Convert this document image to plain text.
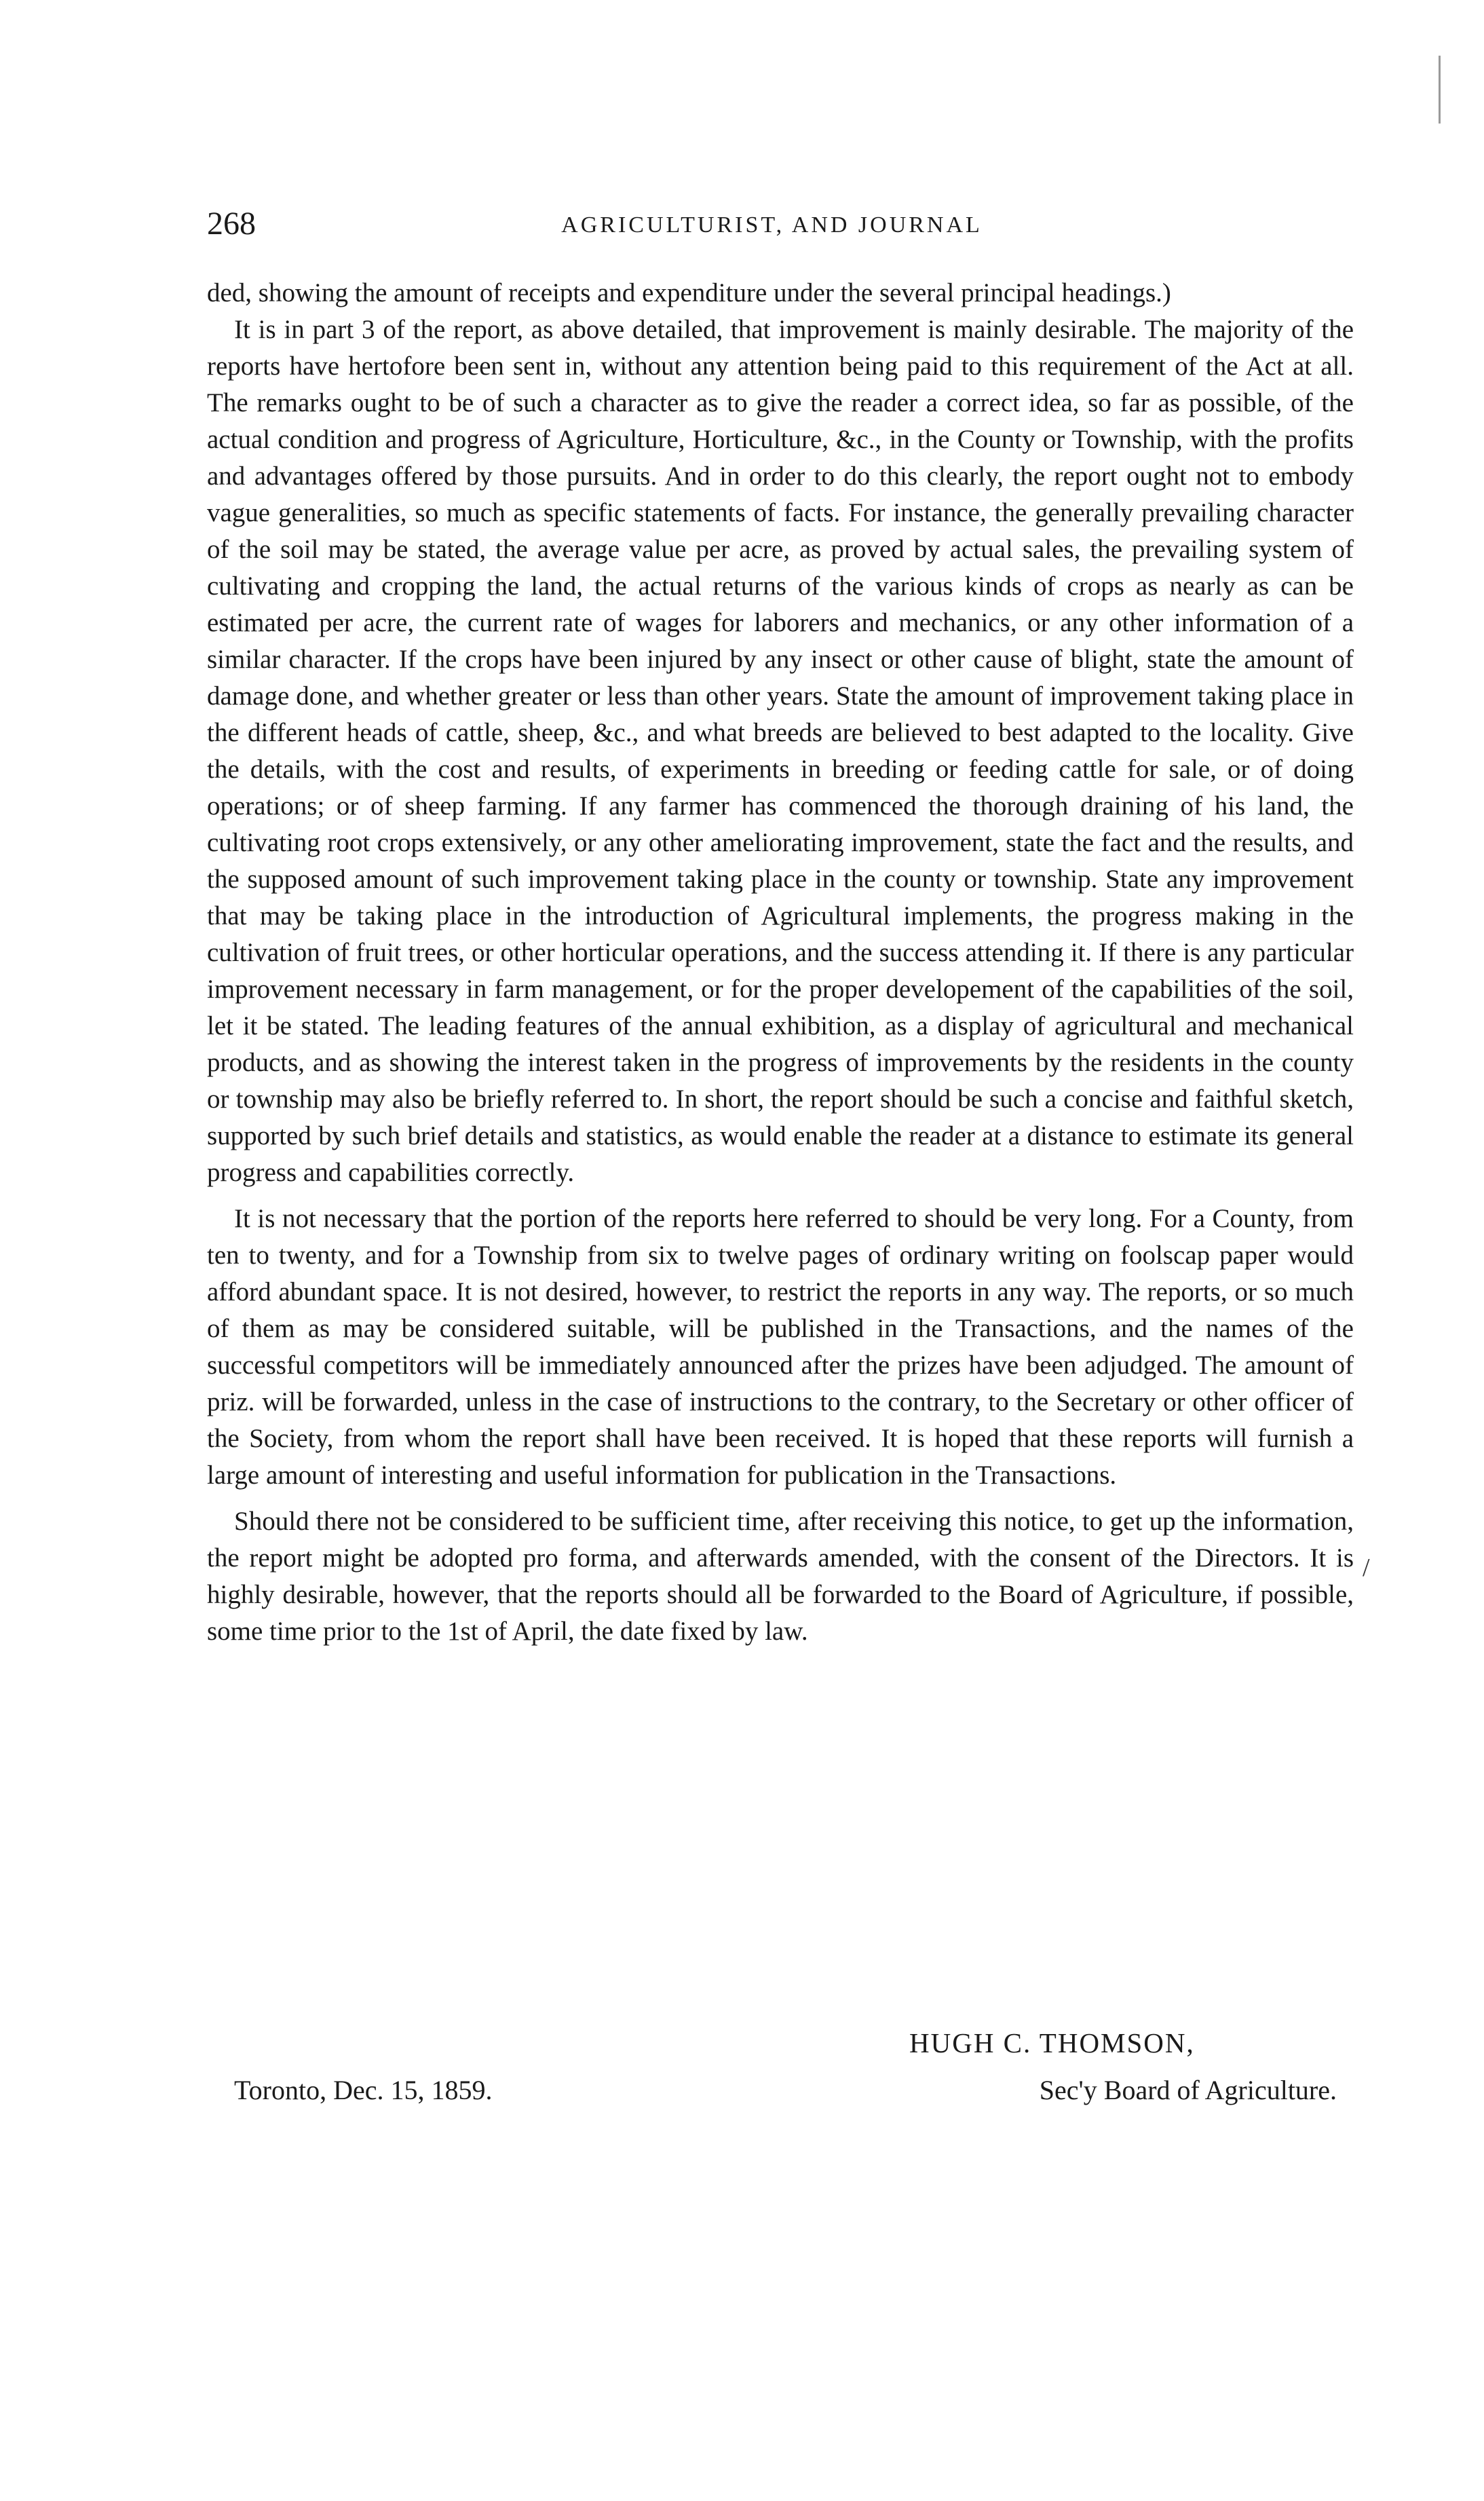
268	AGRICULTURIST, AND JOURNAL

ded, showing the amount of receipts and expenditure under the several principal headings.)

It is in part 3 of the report, as above detailed, that improvement is mainly desirable. The majority of the reports have hertofore been sent in, without any attention being paid to this requirement of the Act at all. The remarks ought to be of such a character as to give the reader a correct idea, so far as possible, of the actual condition and progress of Agriculture, Horticulture, &c., in the County or Township, with the profits and advantages offered by those pursuits. And in order to do this clearly, the report ought not to embody vague generalities, so much as specific statements of facts. For instance, the generally prevailing character of the soil may be stated, the average value per acre, as proved by actual sales, the prevailing system of cultivating and cropping the land, the actual returns of the various kinds of crops as nearly as can be estimated per acre, the current rate of wages for laborers and mechanics, or any other information of a similar character. If the crops have been injured by any insect or other cause of blight, state the amount of damage done, and whether greater or less than other years. State the amount of improvement taking place in the different heads of cattle, sheep, &c., and what breeds are believed to best adapted to the locality. Give the details, with the cost and results, of experiments in breeding or feeding cattle for sale, or of doing operations; or of sheep farming. If any farmer has commenced the thorough draining of his land, the cultivating root crops extensively, or any other ameliorating improvement, state the fact and the results, and the supposed amount of such improvement taking place in the county or township. State any improvement that may be taking place in the introduction of Agricultural implements, the progress making in the cultivation of fruit trees, or other horticular operations, and the success attending it. If there is any particular improvement necessary in farm management, or for the proper developement of the capabilities of the soil, let it be stated. The leading features of the annual exhibition, as a display of agricultural and mechanical products, and as showing the interest taken in the progress of improvements by the residents in the county or township may also be briefly referred to. In short, the report should be such a concise and faithful sketch, supported by such brief details and statistics, as would enable the reader at a distance to estimate its general progress and capabilities correctly.

It is not necessary that the portion of the reports here referred to should be very long. For a County, from ten to twenty, and for a Township from six to twelve pages of ordinary writing on foolscap paper would afford abundant space. It is not desired, however, to restrict the reports in any way. The reports, or so much of them as may be considered suitable, will be published in the Transactions, and the names of the successful competitors will be immediately announced after the prizes have been adjudged. The amount of priz. will be forwarded, unless in the case of instructions to the contrary, to the Secretary or other officer of the Society, from whom the report shall have been received. It is hoped that these reports will furnish a large amount of interesting and useful information for publication in the Transactions.

Should there not be considered to be sufficient time, after receiving this notice, to get up the information, the report might be adopted pro forma, and afterwards amended, with the consent of the Directors. It is highly desirable, however, that the reports should all be forwarded to the Board of Agriculture, if possible, some time prior to the 1st of April, the date fixed by law.

/
HUGH C. THOMSON,
Toronto, Dec. 15, 1859.	Sec'y Board of Agriculture.
